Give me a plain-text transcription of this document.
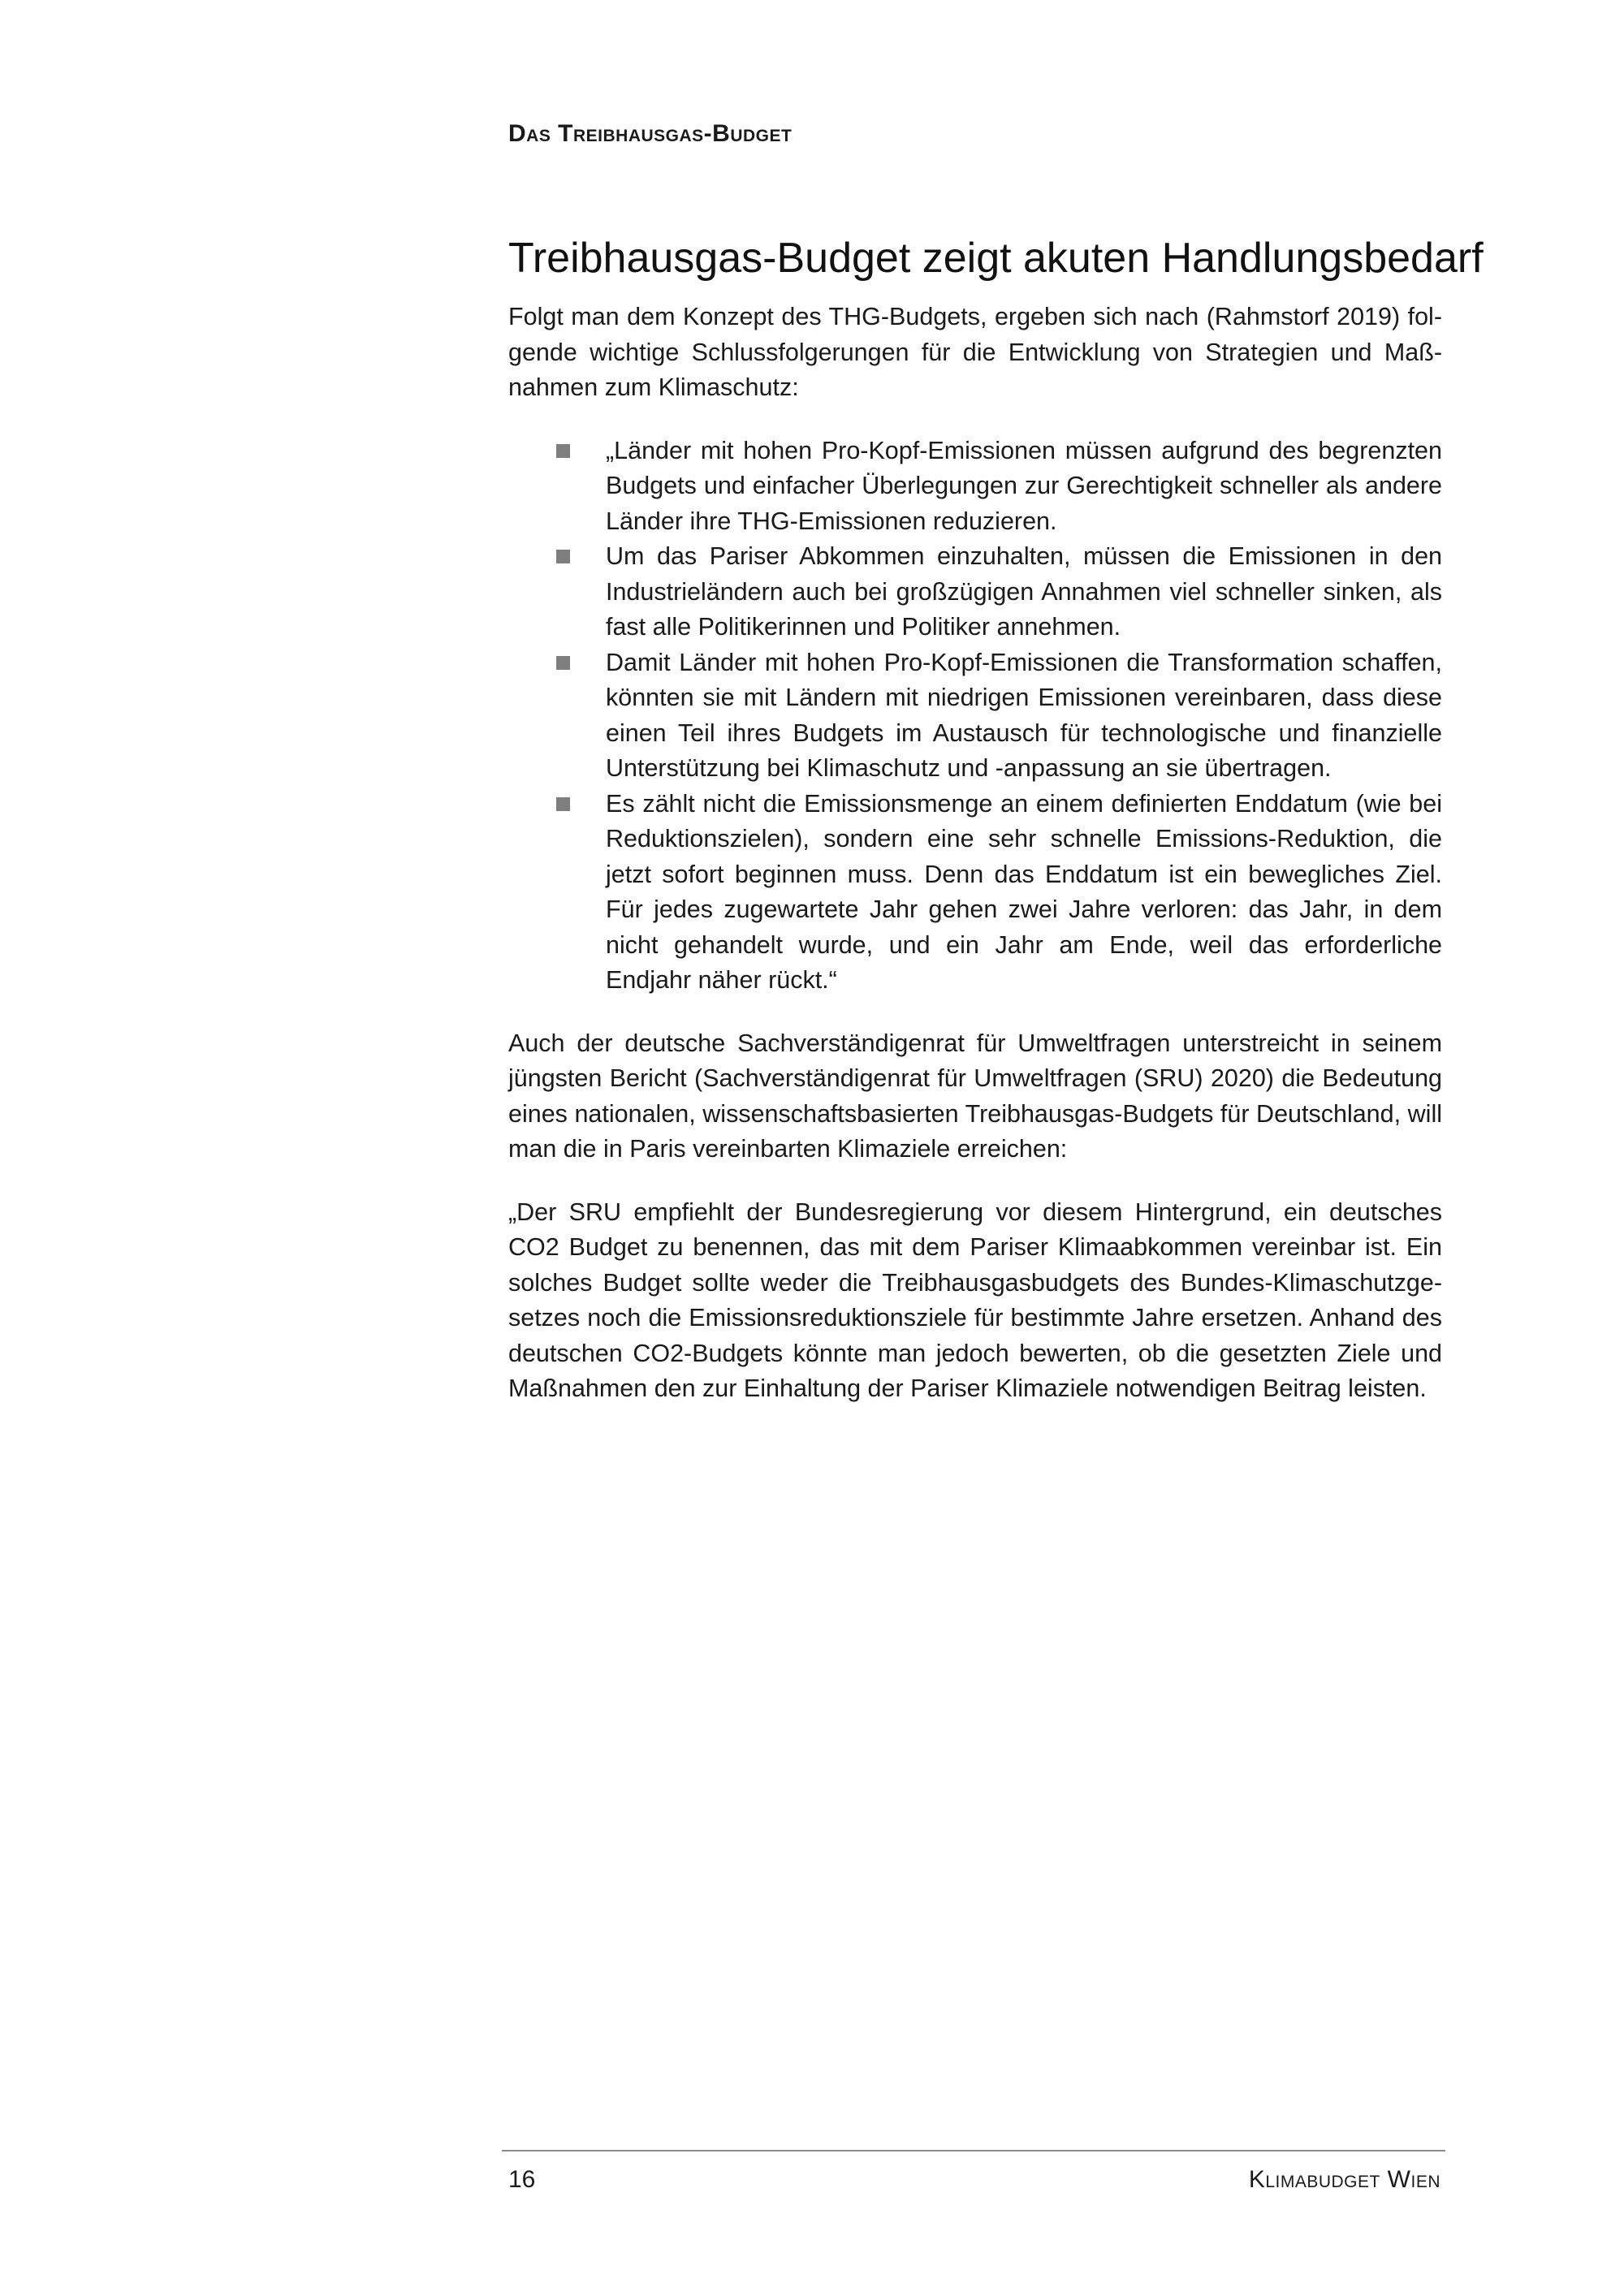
Das Treibhausgas-Budget
Treibhausgas-Budget zeigt akuten Handlungsbedarf

Folgt man dem Konzept des THG-Budgets, ergeben sich nach (Rahmstorf 2019) folgende wichtige Schlussfolgerungen für die Entwicklung von Strategien und Maßnahmen zum Klimaschutz:

„Länder mit hohen Pro-Kopf-Emissionen müssen aufgrund des begrenzten Budgets und einfacher Überlegungen zur Gerechtigkeit schneller als andere Länder ihre THG-Emissionen reduzieren.
Um das Pariser Abkommen einzuhalten, müssen die Emissionen in den Industrieländern auch bei großzügigen Annahmen viel schneller sinken, als fast alle Politikerinnen und Politiker annehmen.
Damit Länder mit hohen Pro-Kopf-Emissionen die Transformation schaffen, könnten sie mit Ländern mit niedrigen Emissionen vereinbaren, dass diese einen Teil ihres Budgets im Austausch für technologische und finanzielle Unterstützung bei Klimaschutz und -anpassung an sie übertragen.
Es zählt nicht die Emissionsmenge an einem definierten Enddatum (wie bei Reduktionszielen), sondern eine sehr schnelle Emissions-Reduktion, die jetzt sofort beginnen muss. Denn das Enddatum ist ein bewegliches Ziel. Für jedes zugewartete Jahr gehen zwei Jahre verloren: das Jahr, in dem nicht gehandelt wurde, und ein Jahr am Ende, weil das erforderliche Endjahr näher rückt.“

Auch der deutsche Sachverständigenrat für Umweltfragen unterstreicht in seinem jüngsten Bericht (Sachverständigenrat für Umweltfragen (SRU) 2020) die Bedeutung eines nationalen, wissenschaftsbasierten Treibhausgas-Budgets für Deutschland, will man die in Paris vereinbarten Klimaziele erreichen:

„Der SRU empfiehlt der Bundesregierung vor diesem Hintergrund, ein deutsches CO2 Budget zu benennen, das mit dem Pariser Klimaabkommen vereinbar ist. Ein solches Budget sollte weder die Treibhausgasbudgets des Bundes-Klimaschutzgesetzes noch die Emissionsreduktionsziele für bestimmte Jahre ersetzen. Anhand des deutschen CO2-Budgets könnte man jedoch bewerten, ob die gesetzten Ziele und Maßnahmen den zur Einhaltung der Pariser Klimaziele notwendigen Beitrag leisten.

16	Klimabudget Wien
